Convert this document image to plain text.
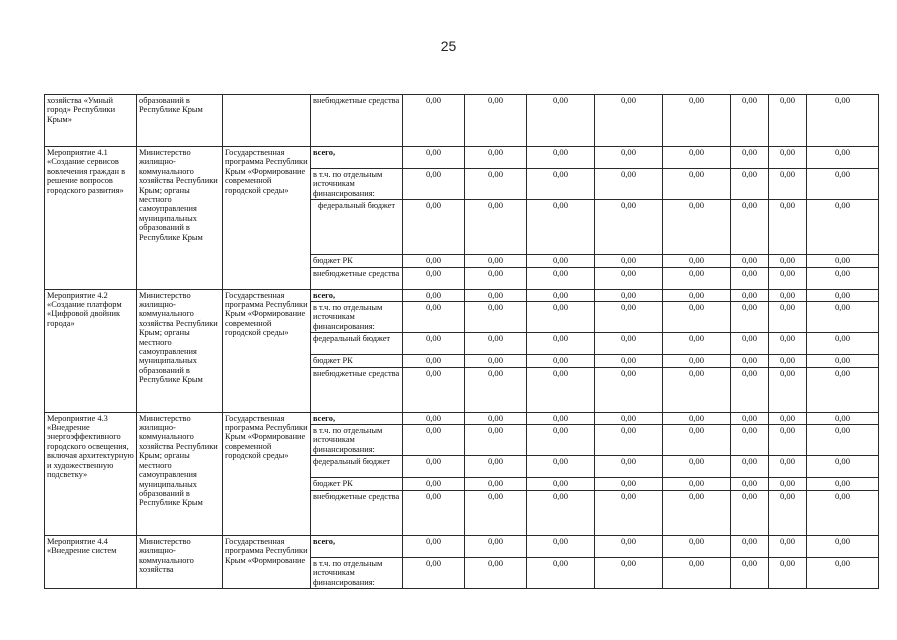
25
хозяйства «Умный город» Республики Крым»	образований в Республике Крым		внебюджетные средства	0,00	0,00	0,00	0,00	0,00	0,00	0,00	0,00
Мероприятие 4.1 «Создание сервисов вовлечения граждан в решение вопросов городского развития»	Министерство жилищно-коммунального хозяйства Республики Крым; органы местного самоуправления муниципальных образований в Республике Крым	Государственная программа Республики Крым «Формирование современной городской среды»	всего,	0,00	0,00	0,00	0,00	0,00	0,00	0,00	0,00
			в т.ч. по отдельным источникам финансирования:	0,00	0,00	0,00	0,00	0,00	0,00	0,00	0,00
			федеральный бюджет	0,00	0,00	0,00	0,00	0,00	0,00	0,00	0,00
			бюджет РК	0,00	0,00	0,00	0,00	0,00	0,00	0,00	0,00
			внебюджетные средства	0,00	0,00	0,00	0,00	0,00	0,00	0,00	0,00
Мероприятие 4.2 «Создание платформ «Цифровой двойник города»	Министерство жилищно-коммунального хозяйства Республики Крым; органы местного самоуправления муниципальных образований в Республике Крым	Государственная программа Республики Крым «Формирование современной городской среды»	всего,	0,00	0,00	0,00	0,00	0,00	0,00	0,00	0,00
			в т.ч. по отдельным источникам финансирования:	0,00	0,00	0,00	0,00	0,00	0,00	0,00	0,00
			федеральный бюджет	0,00	0,00	0,00	0,00	0,00	0,00	0,00	0,00
			бюджет РК	0,00	0,00	0,00	0,00	0,00	0,00	0,00	0,00
			внебюджетные средства	0,00	0,00	0,00	0,00	0,00	0,00	0,00	0,00
Мероприятие 4.3 «Внедрение энергоэффективного городского освещения, включая архитектурную и художественную подсветку»	Министерство жилищно-коммунального хозяйства Республики Крым; органы местного самоуправления муниципальных образований в Республике Крым	Государственная программа Республики Крым «Формирование современной городской среды»	всего,	0,00	0,00	0,00	0,00	0,00	0,00	0,00	0,00
			в т.ч. по отдельным источникам финансирования:	0,00	0,00	0,00	0,00	0,00	0,00	0,00	0,00
			федеральный бюджет	0,00	0,00	0,00	0,00	0,00	0,00	0,00	0,00
			бюджет РК	0,00	0,00	0,00	0,00	0,00	0,00	0,00	0,00
			внебюджетные средства	0,00	0,00	0,00	0,00	0,00	0,00	0,00	0,00
Мероприятие 4.4 «Внедрение систем	Министерство жилищно-коммунального хозяйства	Государственная программа Республики Крым «Формирование	всего,	0,00	0,00	0,00	0,00	0,00	0,00	0,00	0,00
			в т.ч. по отдельным источникам финансирования:	0,00	0,00	0,00	0,00	0,00	0,00	0,00	0,00
